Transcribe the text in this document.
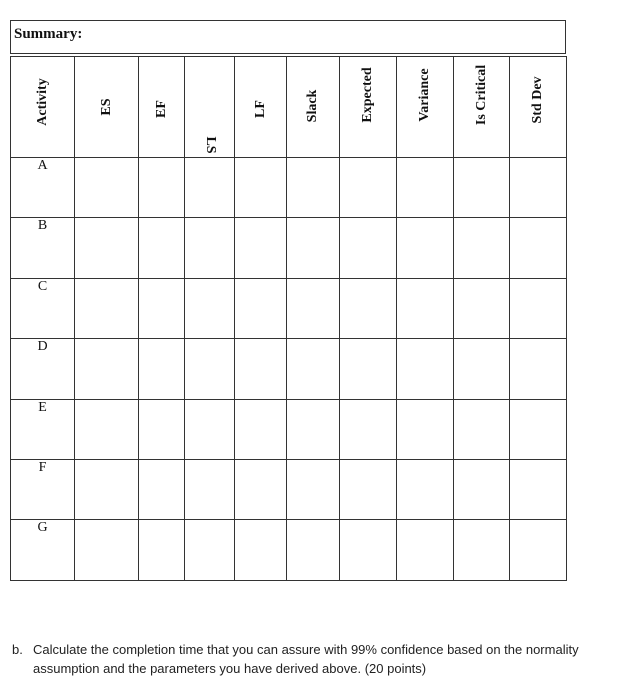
Summary:
Activity	ES	EF	LS	LF	Slack	Expected	Variance	Is Critical	Std Dev

A									
B									
C									
D									
E									
F									
G									
b. Calculate the completion time that you can assure with 99% confidence based on the normality assumption and the parameters you have derived above. (20 points)
